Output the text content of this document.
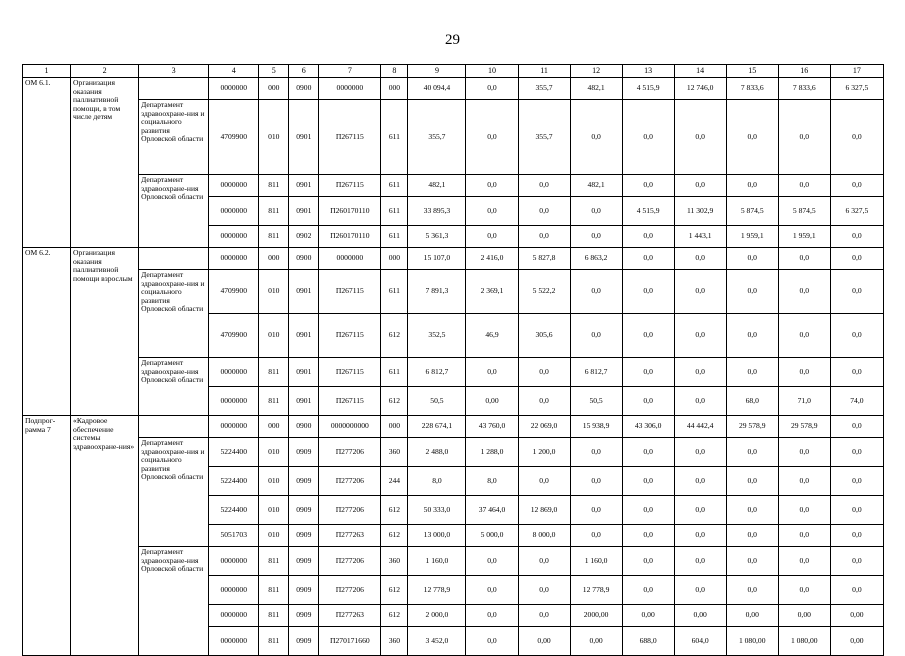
29
1	2	3	4	5	6	7	8	9	10	11	12	13	14	15	16	17
ОМ 6.1.	Организация оказания паллиативной помощи, в том числе детям		0000000	000	0900	0000000	000	40 094,4	0,0	355,7	482,1	4 515,9	12 746,0	7 833,6	7 833,6	6 327,5
		Департамент здравоохране-ния и социального развития Орловской области	4709900	010	0901	П267115	611	355,7	0,0	355,7	0,0	0,0	0,0	0,0	0,0	0,0
		Департамент здравоохране-ния Орловской области	0000000	811	0901	П267115	611	482,1	0,0	0,0	482,1	0,0	0,0	0,0	0,0	0,0
			0000000	811	0901	П260170110	611	33 895,3	0,0	0,0	0,0	4 515,9	11 302,9	5 874,5	5 874,5	6 327,5
			0000000	811	0902	П260170110	611	5 361,3	0,0	0,0	0,0	0,0	1 443,1	1 959,1	1 959,1	0,0
ОМ 6.2.	Организация оказания паллиативной помощи взрослым		0000000	000	0900	0000000	000	15 107,0	2 416,0	5 827,8	6 863,2	0,0	0,0	0,0	0,0	0,0
		Департамент здравоохране-ния и социального развития Орловской области	4709900	010	0901	П267115	611	7 891,3	2 369,1	5 522,2	0,0	0,0	0,0	0,0	0,0	0,0
			4709900	010	0901	П267115	612	352,5	46,9	305,6	0,0	0,0	0,0	0,0	0,0	0,0
		Департамент здравоохране-ния Орловской области	0000000	811	0901	П267115	611	6 812,7	0,0	0,0	6 812,7	0,0	0,0	0,0	0,0	0,0
			0000000	811	0901	П267115	612	50,5	0,00	0,0	50,5	0,0	0,0	68,0	71,0	74,0
Подпрог-рамма 7	«Кадровое обеспечение системы здравоохране-ния»		0000000	000	0900	0000000000	000	228 674,1	43 760,0	22 069,0	15 938,9	43 306,0	44 442,4	29 578,9	29 578,9	0,0
		Департамент здравоохране-ния и социального развития Орловской области	5224400	010	0909	П277206	360	2 488,0	1 288,0	1 200,0	0,0	0,0	0,0	0,0	0,0	0,0
			5224400	010	0909	П277206	244	8,0	8,0	0,0	0,0	0,0	0,0	0,0	0,0	0,0
			5224400	010	0909	П277206	612	50 333,0	37 464,0	12 869,0	0,0	0,0	0,0	0,0	0,0	0,0
			5051703	010	0909	П277263	612	13 000,0	5 000,0	8 000,0	0,0	0,0	0,0	0,0	0,0	0,0
		Департамент здравоохране-ния Орловской области	0000000	811	0909	П277206	360	1 160,0	0,0	0,0	1 160,0	0,0	0,0	0,0	0,0	0,0
			0000000	811	0909	П277206	612	12 778,9	0,0	0,0	12 778,9	0,0	0,0	0,0	0,0	0,0
			0000000	811	0909	П277263	612	2 000,0	0,0	0,0	2000,00	0,00	0,00	0,00	0,00	0,00
			0000000	811	0909	П270171660	360	3 452,0	0,0	0,00	0,00	688,0	604,0	1 080,00	1 080,00	0,00
